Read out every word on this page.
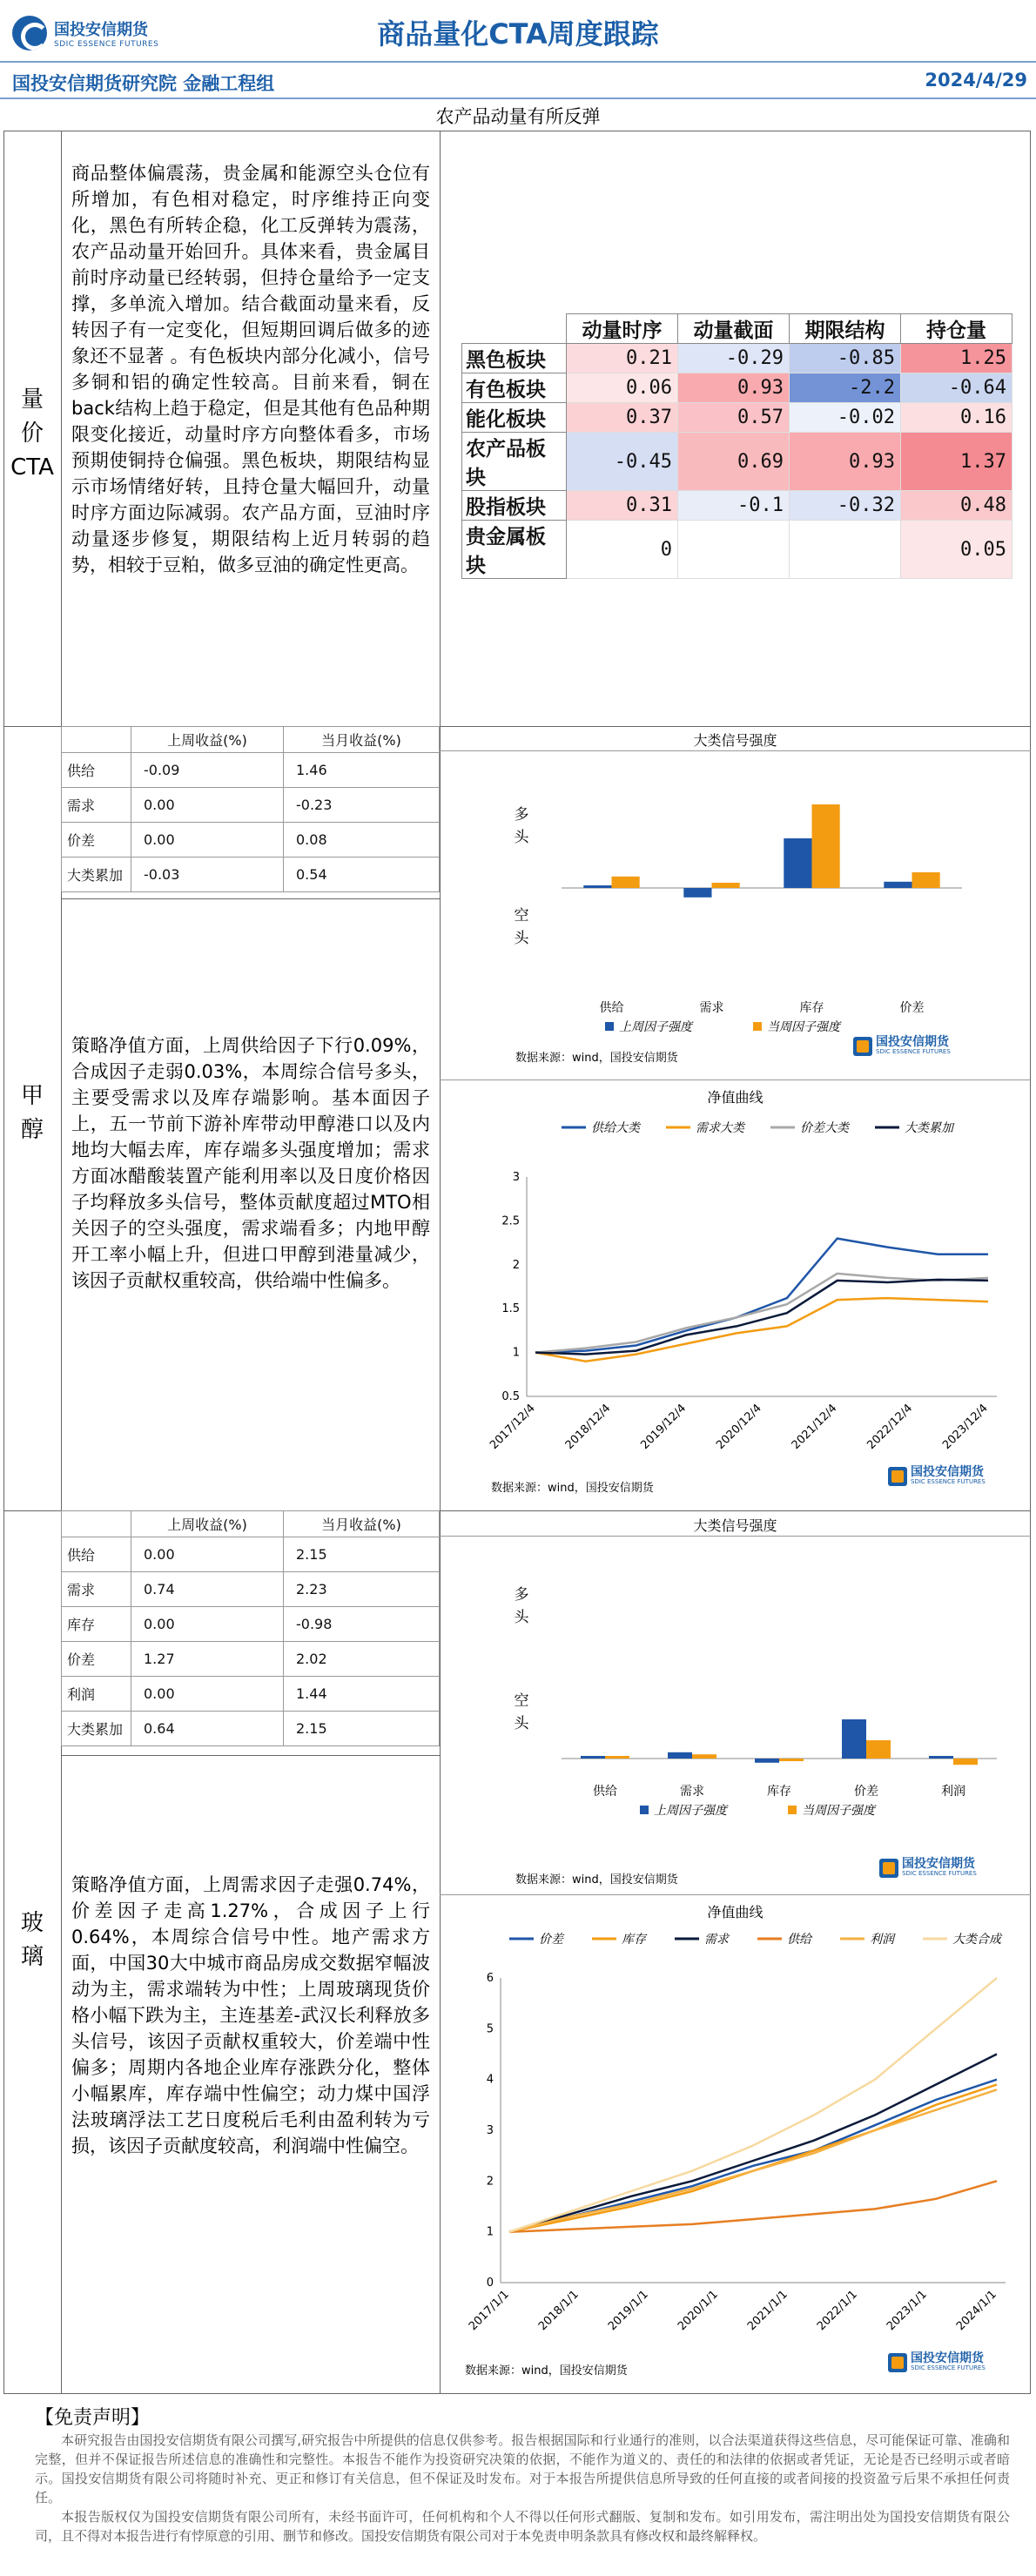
国投安信期货
SDIC ESSENCE FUTURES	商品量化CTA周度跟踪
国投安信期货研究院 金融工程组	2024/4/29
农产品动量有所反弹
量
价
CTA
商品整体偏震荡，贵金属和能源空头仓位有所增加，有色相对稳定，时序维持正向变化，黑色有所转企稳，化工反弹转为震荡，农产品动量开始回升。具体来看，贵金属目前时序动量已经转弱，但持仓量给予一定支撑，多单流入增加。结合截面动量来看，反转因子有一定变化，但短期回调后做多的迹象还不显著 。有色板块内部分化减小，信号多铜和铝的确定性较高。目前来看，铜在back结构上趋于稳定，但是其他有色品种期限变化接近，动量时序方向整体看多，市场预期使铜持仓偏强。黑色板块，期限结构显示市场情绪好转，且持仓量大幅回升，动量时序方面边际减弱。农产品方面，豆油时序动量逐步修复，期限结构上近月转弱的趋势，相较于豆粕，做多豆油的确定性更高。
	动量时序	动量截面	期限结构	持仓量
黑色板块	0.21	-0.29	-0.85	1.25
有色板块	0.06	0.93	-2.2	-0.64
能化板块	0.37	0.57	-0.02	0.16
农产品板块	-0.45	0.69	0.93	1.37
股指板块	0.31	-0.1	-0.32	0.48
贵金属板块	0			0.05
甲
醇
	上周收益(%)	当月收益(%)
供给	-0.09	1.46
需求	0.00	-0.23
价差	0.00	0.08
大类累加	-0.03	0.54
策略净值方面，上周供给因子下行0.09%，合成因子走弱0.03%，本周综合信号多头，主要受需求以及库存端影响。基本面因子上，五一节前下游补库带动甲醇港口以及内地均大幅去库，库存端多头强度增加；需求方面冰醋酸装置产能利用率以及日度价格因子均释放多头信号，整体贡献度超过MTO相关因子的空头强度，需求端看多；内地甲醇开工率小幅上升，但进口甲醇到港量减少，该因子贡献权重较高，供给端中性偏多。
大类信号强度
供给	需求	库存	价差
上周因子强度	当周因子强度
多
头
空
头
数据来源：wind，国投安信期货
国投安信期货
SDIC ESSENCE FUTURES
净值曲线
0.5
1
1.5
2
2.5
3
2017/12/4 2018/12/4 2019/12/4 2020/12/4 2021/12/4 2022/12/4 2023/12/4
供给大类	需求大类	价差大类	大类累加
数据来源：wind，国投安信期货
国投安信期货
SDIC ESSENCE FUTURES
玻
璃
	上周收益(%)	当月收益(%)
供给	0.00	2.15
需求	0.74	2.23
库存	0.00	-0.98
价差	1.27	2.02
利润	0.00	1.44
大类累加	0.64	2.15
策略净值方面，上周需求因子走强0.74%，价差因子走高1.27%，合成因子上行0.64%，本周综合信号中性。地产需求方面，中国30大中城市商品房成交数据窄幅波动为主，需求端转为中性；上周玻璃现货价格小幅下跌为主，主连基差-武汉长利释放多头信号，该因子贡献权重较大，价差端中性偏多；周期内各地企业库存涨跌分化，整体小幅累库，库存端中性偏空；动力煤中国浮法玻璃浮法工艺日度税后毛利由盈利转为亏损，该因子贡献度较高，利润端中性偏空。
大类信号强度
供给	需求	库存	价差	利润
上周因子强度	当周因子强度
多
头
空
头
数据来源：wind，国投安信期货
国投安信期货
SDIC ESSENCE FUTURES
净值曲线
0
1
2
3
4
5
6
2017/1/1 2018/1/1 2019/1/1 2020/1/1 2021/1/1 2022/1/1 2023/1/1 2024/1/1
价差	库存	需求	供给	利润	大类合成
数据来源：wind，国投安信期货
国投安信期货
SDIC ESSENCE FUTURES
【免责声明】

本研究报告由国投安信期货有限公司撰写,研究报告中所提供的信息仅供参考。报告根据国际和行业通行的准则，以合法渠道获得这些信息，尽可能保证可靠、准确和完整，但并不保证报告所述信息的准确性和完整性。本报告不能作为投资研究决策的依据，不能作为道义的、责任的和法律的依据或者凭证，无论是否已经明示或者暗示。国投安信期货有限公司将随时补充、更正和修订有关信息，但不保证及时发布。对于本报告所提供信息所导致的任何直接的或者间接的投资盈亏后果不承担任何责任。

本报告版权仅为国投安信期货有限公司所有，未经书面许可，任何机构和个人不得以任何形式翻版、复制和发布。如引用发布，需注明出处为国投安信期货有限公司，且不得对本报告进行有悖原意的引用、删节和修改。国投安信期货有限公司对于本免责申明条款具有修改权和最终解释权。
